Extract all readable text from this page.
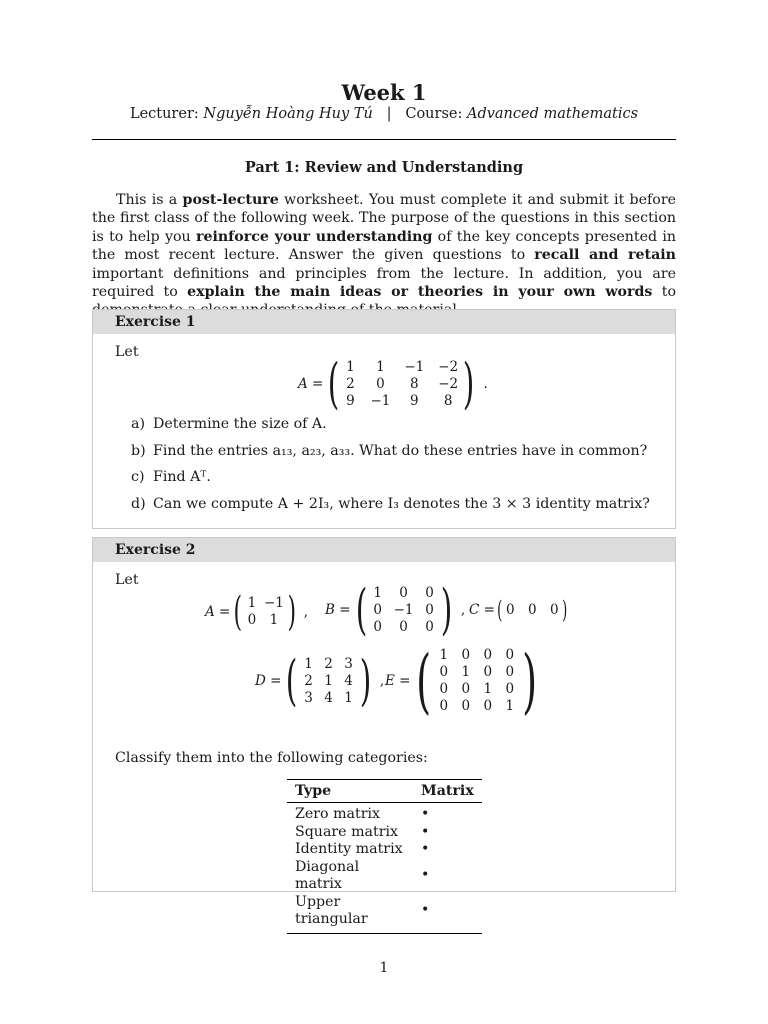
Week 1
Lecturer: Nguyễn Hoàng Huy Tú | Course: Advanced mathematics
Part 1: Review and Understanding

This is a post-lecture worksheet. You must complete it and submit it before the first class of the following week. The purpose of the questions in this section is to help you reinforce your understanding of the key concepts presented in the most recent lecture. Answer the given questions to recall and retain important definitions and principles from the lecture. In addition, you are required to explain the main ideas or theories in your own words to

Exercise 1
Let
A = ( 1	1	−1 −2
2	0	8	−2
9 −1	9	8 ) .
a) Determine the size of A.
b) Find the entries a₁₃, a₂₃, a₃₃. What do these entries have in common?
c) Find Aᵀ.
d) Can we compute A + 2I₃, where I₃ denotes the 3 × 3 identity matrix?
Exercise 2
Let
A = ( 1 −1
0 1 ) , B = ( 1	0	0
0 −1 0
0	0	0 ) , C = ( 0 0 0 )
D = ( 1 2 3
2 1 4
3 4 1 ) , E = ( 1 0 0 0
0 1 0 0
0 0 1 0
0 0 0 1 )
Classify them into the following categories:
Type	Matrix
Zero matrix	•
Square matrix	•
Identity matrix	•
Diagonal matrix	•
Upper triangular	•
1
